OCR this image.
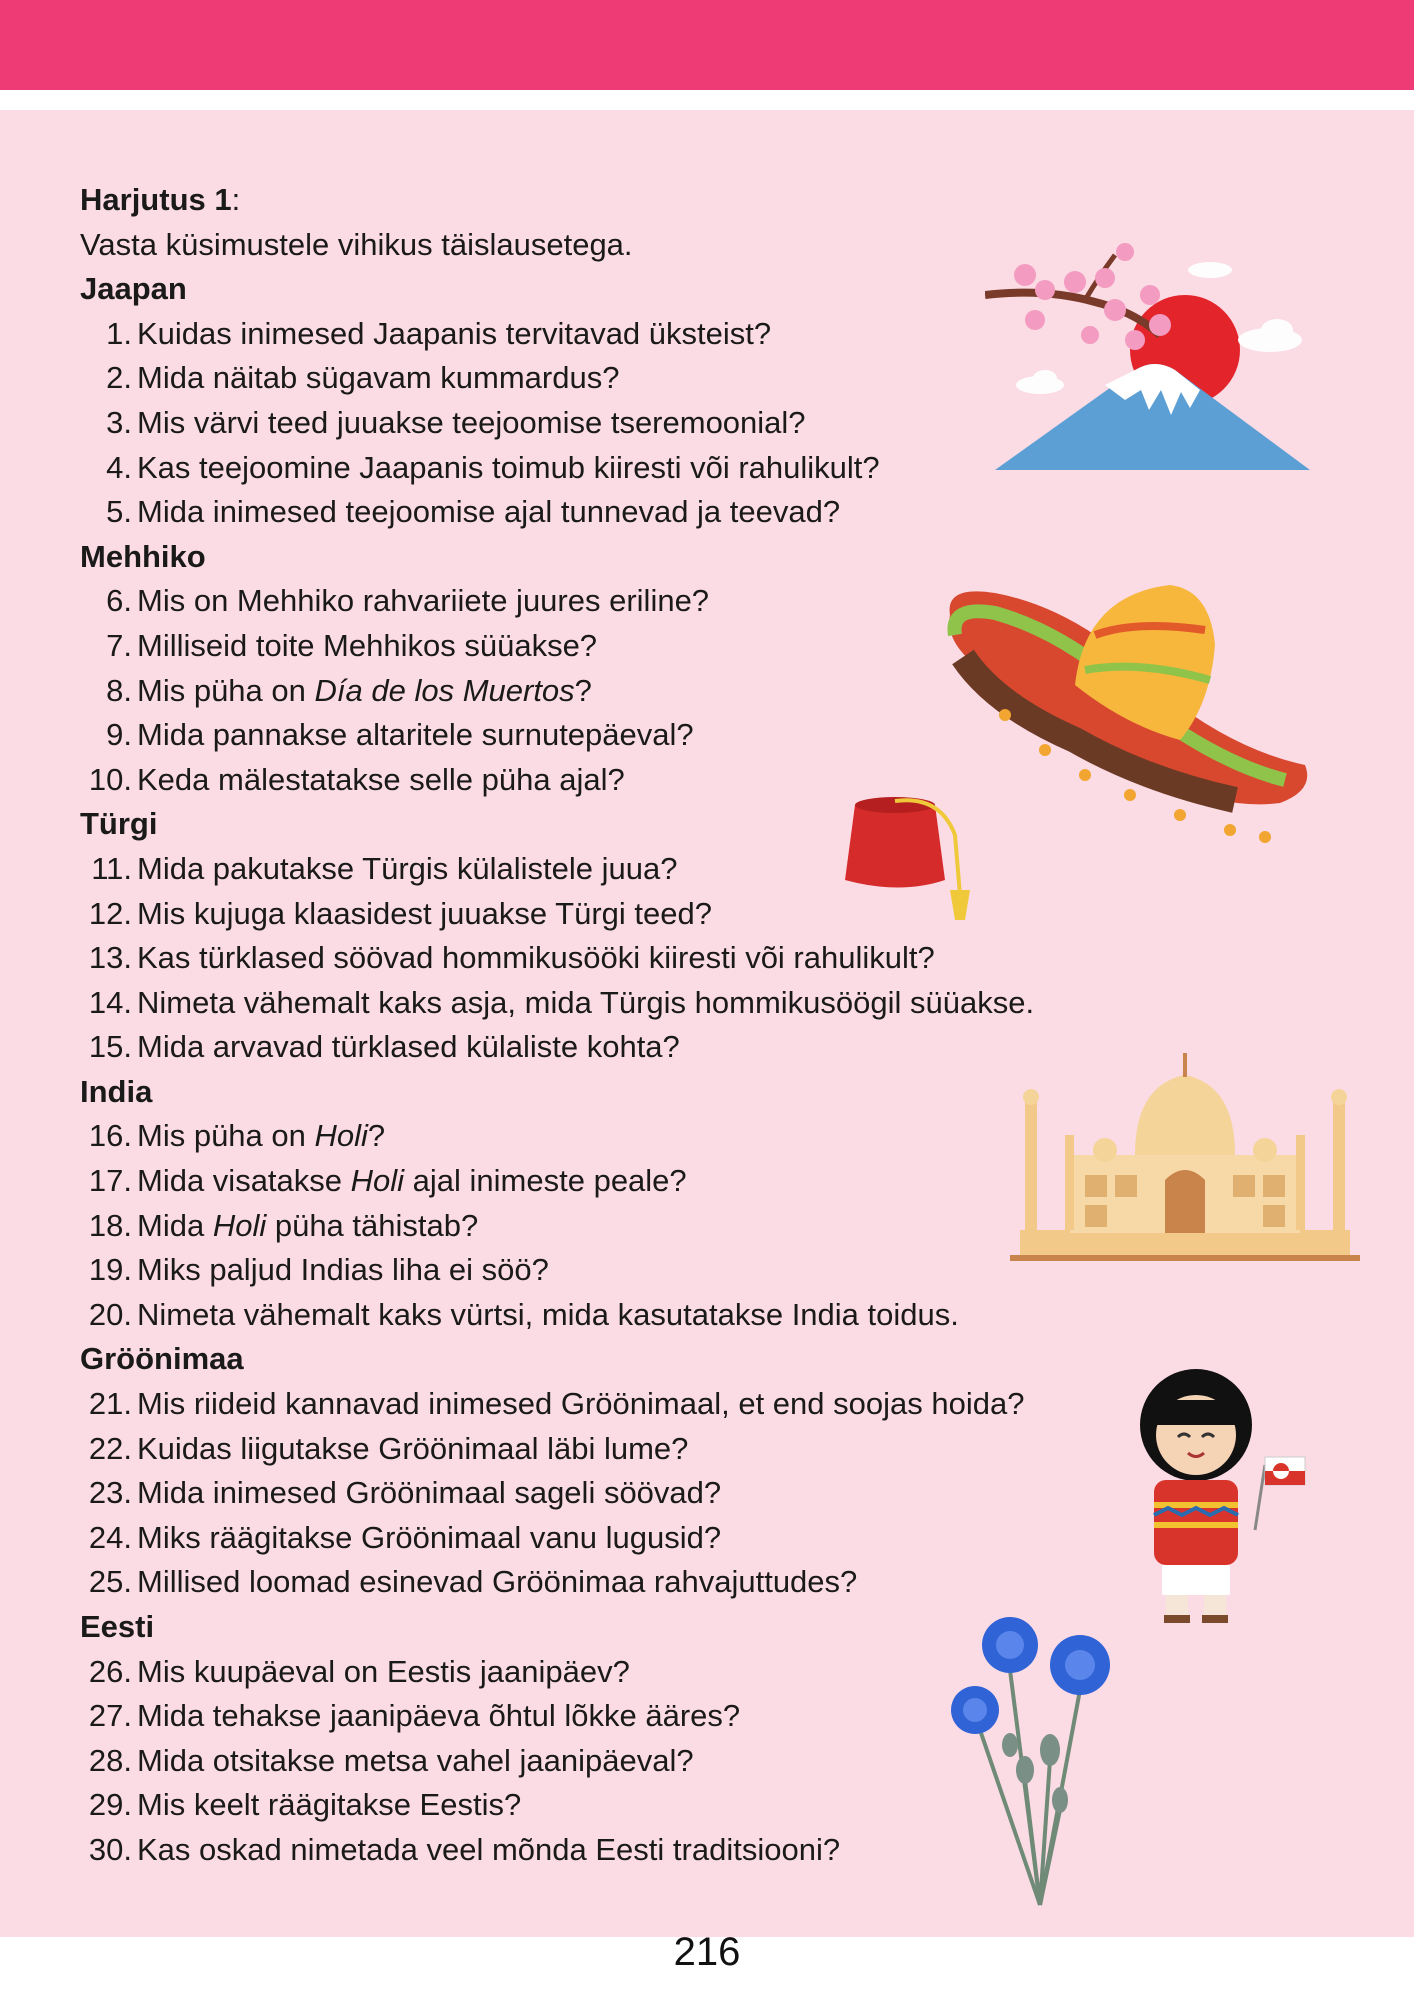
Harjutus 1:
Vasta küsimustele vihikus täislausetega.
Jaapan
1. Kuidas inimesed Jaapanis tervitavad üksteist?
2. Mida näitab sügavam kummardus?
3. Mis värvi teed juuakse teejoomise tseremoonial?
4. Kas teejoomine Jaapanis toimub kiiresti või rahulikult?
5. Mida inimesed teejoomise ajal tunnevad ja teevad?
Mehhiko
6. Mis on Mehhiko rahvariiete juures eriline?
7. Milliseid toite Mehhikos süüakse?
8. Mis püha on Día de los Muertos?
9. Mida pannakse altaritele surnutepäeval?
10. Keda mälestatakse selle püha ajal?
Türgi
11. Mida pakutakse Türgis külalistele juua?
12. Mis kujuga klaasidest juuakse Türgi teed?
13. Kas türklased söövad hommikusööki kiiresti või rahulikult?
14. Nimeta vähemalt kaks asja, mida Türgis hommikusöögil süüakse.
15. Mida arvavad türklased külaliste kohta?
India
16. Mis püha on Holi?
17. Mida visatakse Holi ajal inimeste peale?
18. Mida Holi püha tähistab?
19. Miks paljud Indias liha ei söö?
20. Nimeta vähemalt kaks vürtsi, mida kasutatakse India toidus.
Gröönimaa
21. Mis riideid kannavad inimesed Gröönimaal, et end soojas hoida?
22. Kuidas liigutakse Gröönimaal läbi lume?
23. Mida inimesed Gröönimaal sageli söövad?
24. Miks räägitakse Gröönimaal vanu lugusid?
25. Millised loomad esinevad Gröönimaa rahvajuttudes?
Eesti
26. Mis kuupäeval on Eestis jaanipäev?
27. Mida tehakse jaanipäeva õhtul lõkke ääres?
28. Mida otsitakse metsa vahel jaanipäeval?
29. Mis keelt räägitakse Eestis?
30. Kas oskad nimetada veel mõnda Eesti traditsiooni?
216
